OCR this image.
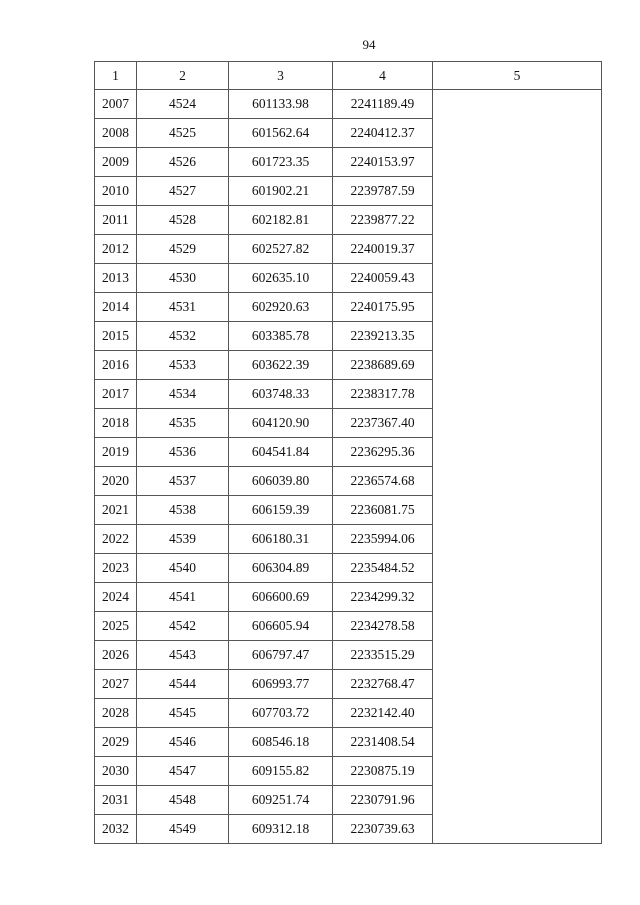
94
1	2	3	4	5
2007	4524	601133.98	2241189.49	
2008	4525	601562.64	2240412.37	
2009	4526	601723.35	2240153.97	
2010	4527	601902.21	2239787.59	
2011	4528	602182.81	2239877.22	
2012	4529	602527.82	2240019.37	
2013	4530	602635.10	2240059.43	
2014	4531	602920.63	2240175.95	
2015	4532	603385.78	2239213.35	
2016	4533	603622.39	2238689.69	
2017	4534	603748.33	2238317.78	
2018	4535	604120.90	2237367.40	
2019	4536	604541.84	2236295.36	
2020	4537	606039.80	2236574.68	
2021	4538	606159.39	2236081.75	
2022	4539	606180.31	2235994.06	
2023	4540	606304.89	2235484.52	
2024	4541	606600.69	2234299.32	
2025	4542	606605.94	2234278.58	
2026	4543	606797.47	2233515.29	
2027	4544	606993.77	2232768.47	
2028	4545	607703.72	2232142.40	
2029	4546	608546.18	2231408.54	
2030	4547	609155.82	2230875.19	
2031	4548	609251.74	2230791.96	
2032	4549	609312.18	2230739.63	
